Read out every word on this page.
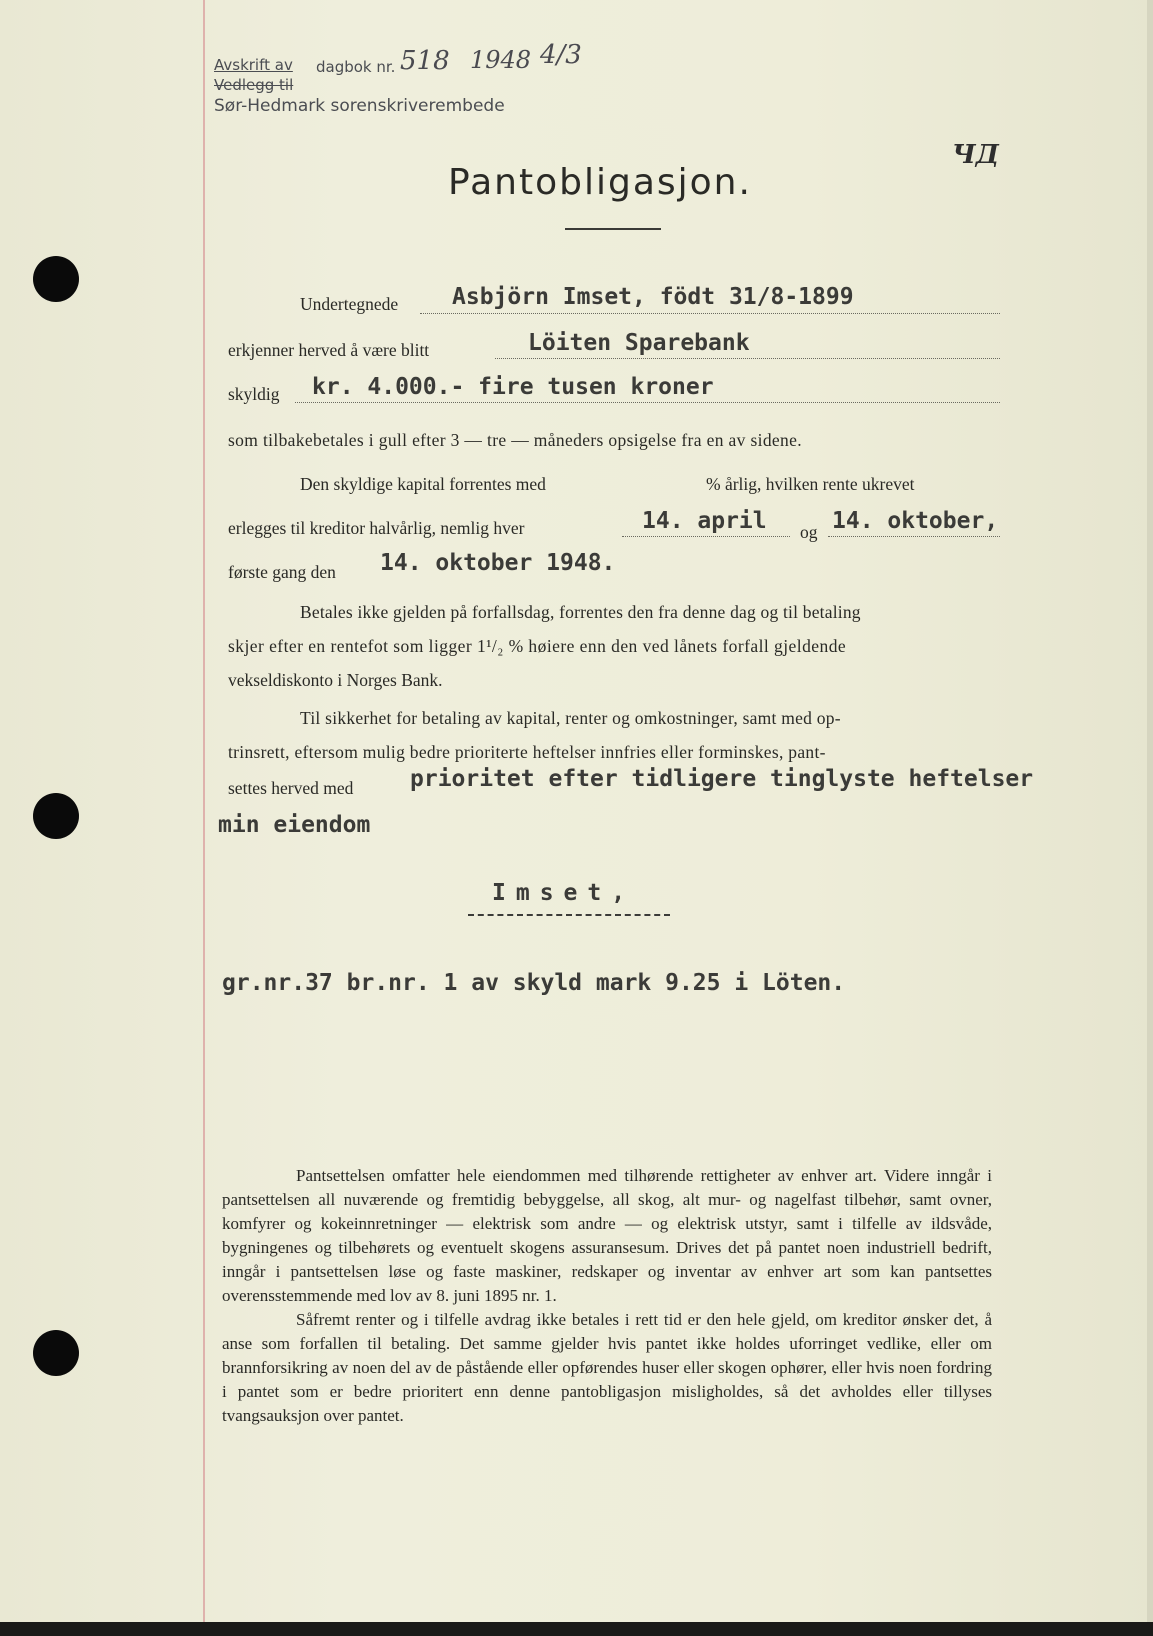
Avskrift av dagbok nr. 518 1948 4/3
Vedlegg til
Sør-Hedmark sorenskriverembede
ЧД
Pantobligasjon.
Undertegnede Asbjörn Imset, födt 31/8-1899
erkjenner herved å være blitt	Löiten Sparebank
skyldig kr. 4.000.- fire tusen kroner
som tilbakebetales i gull efter 3 — tre — måneders opsigelse fra en av sidene.
Den skyldige kapital forrentes med	% årlig, hvilken rente ukrevet
erlegges til kreditor halvårlig, nemlig hver	14. april og 14. oktober,
første gang den 14. oktober 1948.
Betales ikke gjelden på forfallsdag, forrentes den fra denne dag og til betaling
skjer efter en rentefot som ligger 1¹/₂ % høiere enn den ved lånets forfall gjeldende
vekseldiskonto i Norges Bank.
Til sikkerhet for betaling av kapital, renter og omkostninger, samt med op-
trinsrett, eftersom mulig bedre prioriterte heftelser innfries eller forminskes, pant-
settes herved med prioritet efter tidligere tinglyste heftelser
min eiendom
Imset,
gr.nr.37 br.nr. 1 av skyld mark 9.25 i Löten.

Pantsettelsen omfatter hele eiendommen med tilhørende rettigheter av enhver art. Videre inngår i pantsettelsen all nuværende og fremtidig bebyggelse, all skog, alt mur- og nagelfast tilbehør, samt ovner, komfyrer og kokeinnretninger — elektrisk som andre — og elektrisk utstyr, samt i tilfelle av ildsvåde, bygningenes og tilbehørets og eventuelt skogens assuransesum. Drives det på pantet noen industriell bedrift, inngår i pantsettelsen løse og faste maskiner, redskaper og inventar av enhver art som kan pantsettes overensstemmende med lov av 8. juni 1895 nr. 1.

Såfremt renter og i tilfelle avdrag ikke betales i rett tid er den hele gjeld, om kreditor ønsker det, å anse som forfallen til betaling. Det samme gjelder hvis pantet ikke holdes uforringet vedlike, eller om brannforsikring av noen del av de påstående eller opførendes huser eller skogen ophører, eller hvis noen fordring i pantet som er bedre prioritert enn denne pantobligasjon misligholdes, så det avholdes eller tillyses tvangsauksjon over pantet.
